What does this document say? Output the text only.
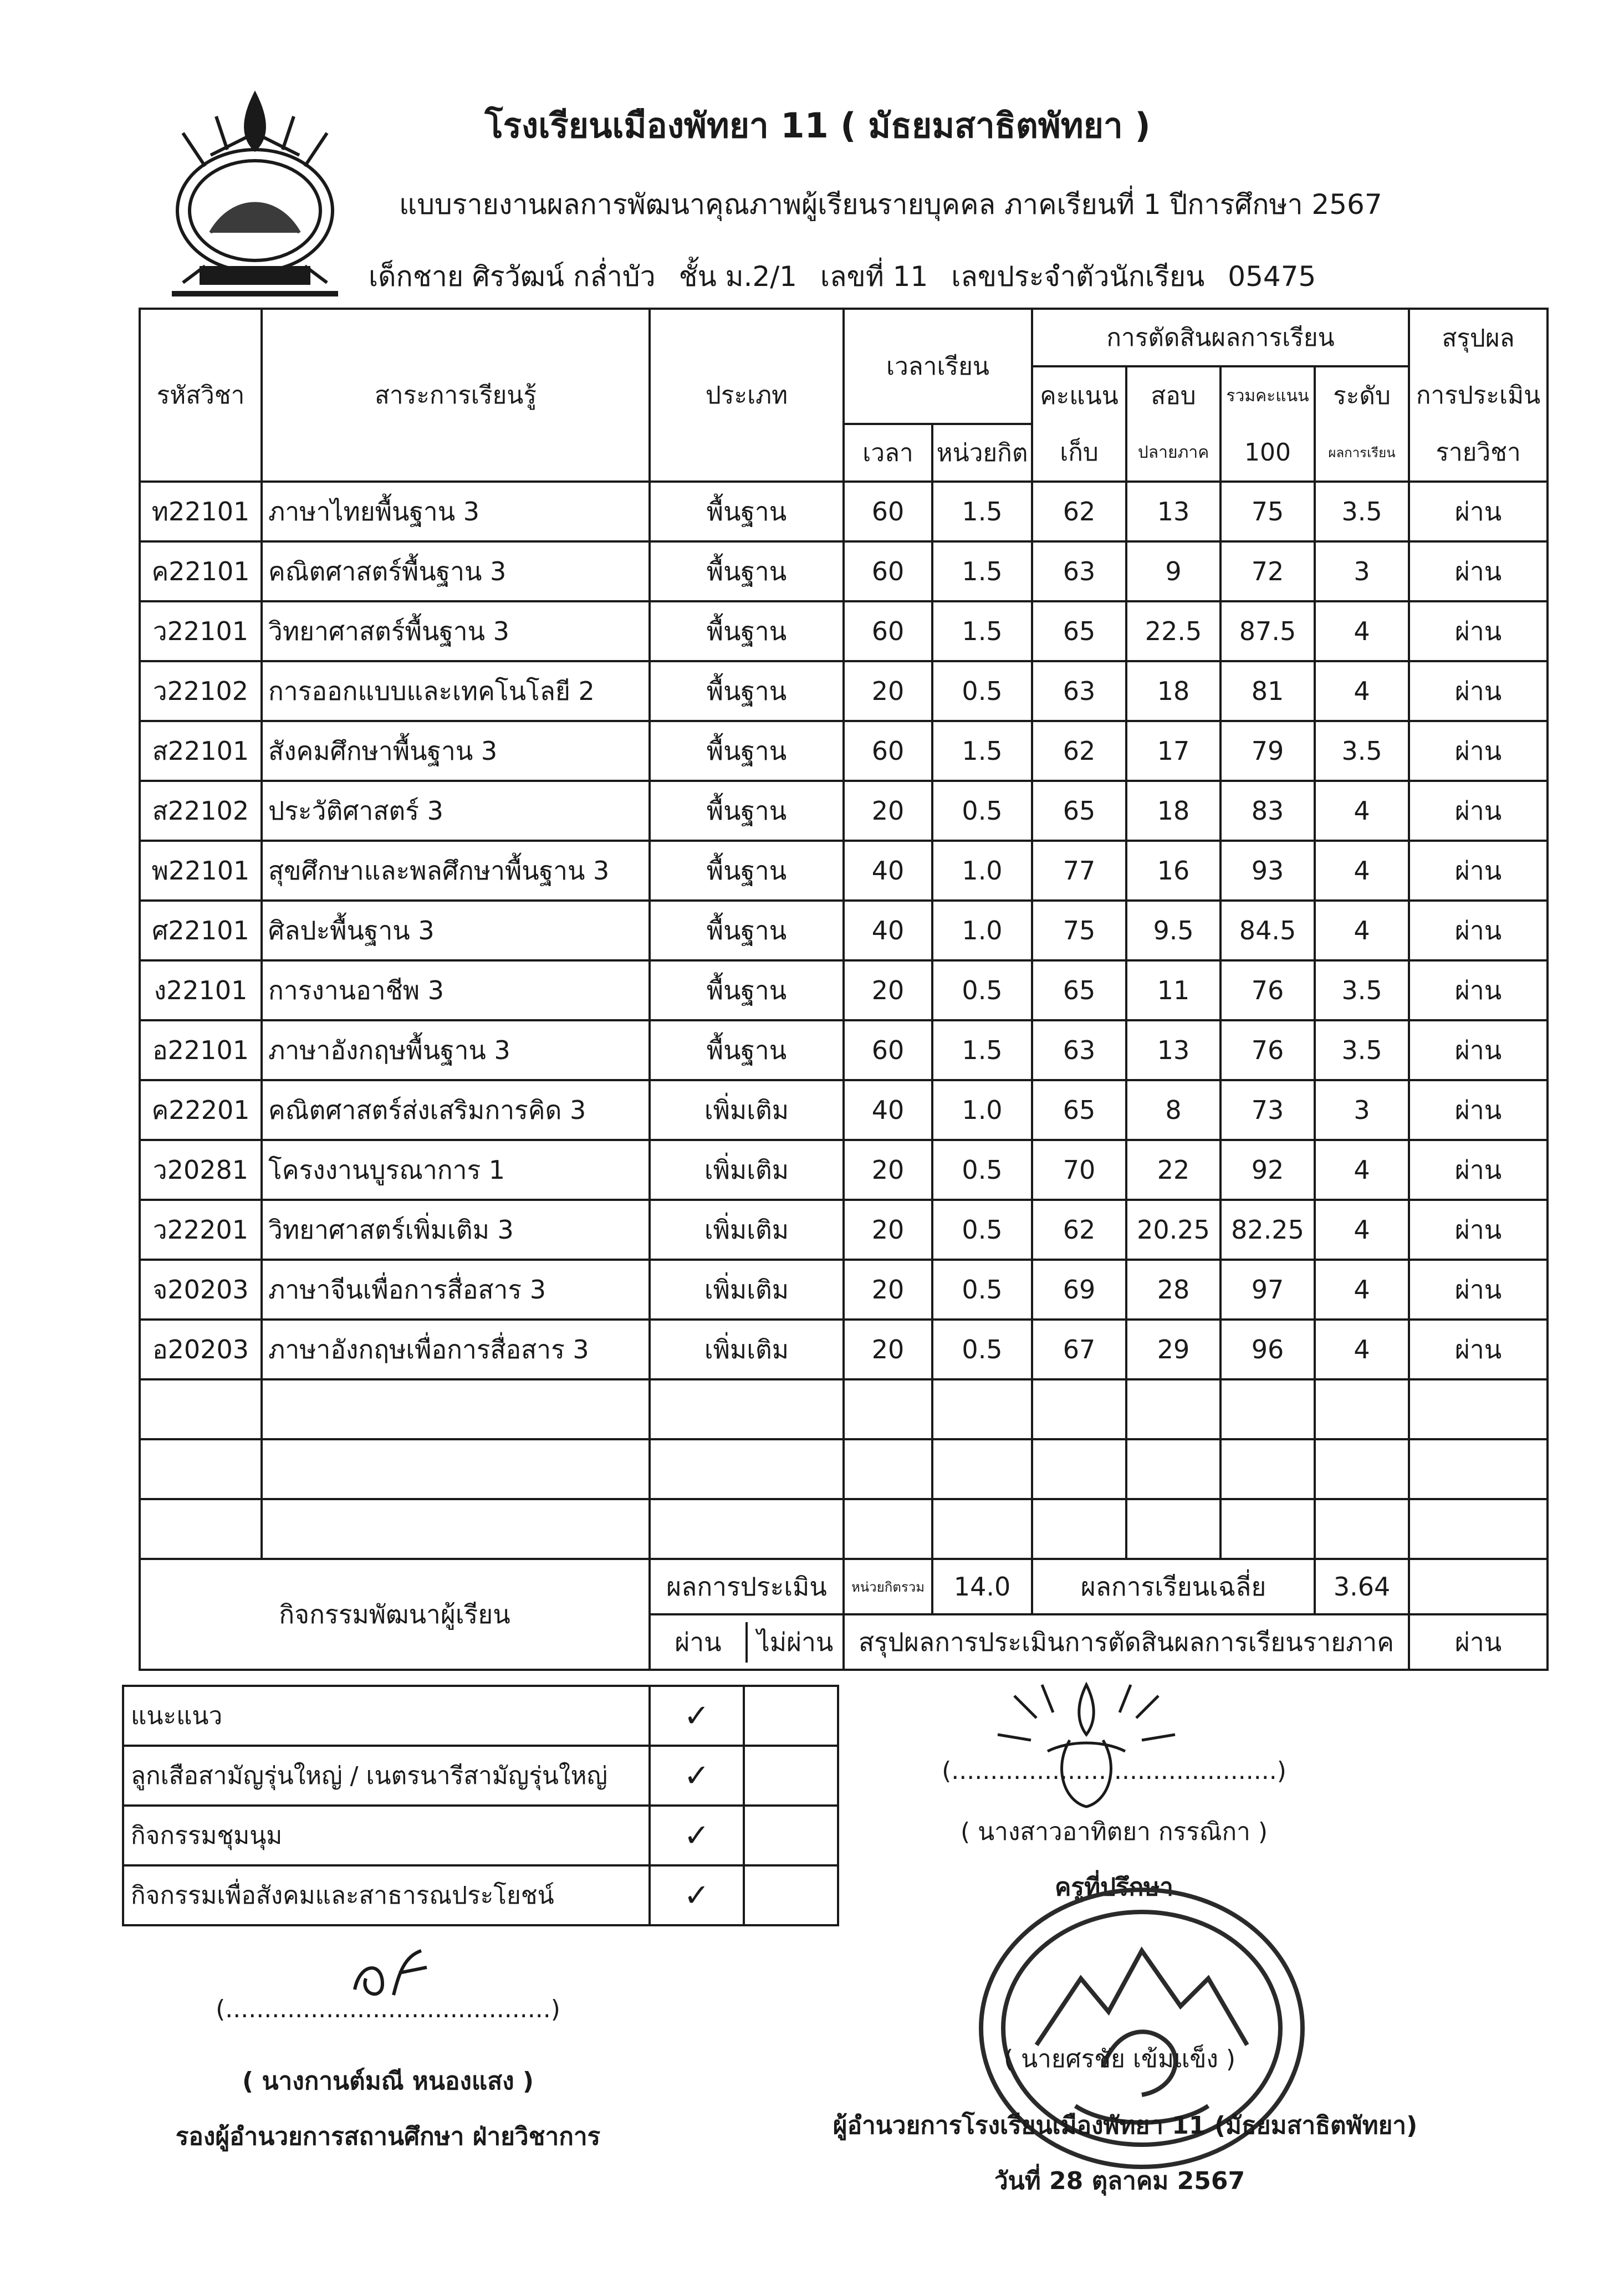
โรงเรียนเมืองพัทยา 11 ( มัธยมสาธิตพัทยา )
แบบรายงานผลการพัฒนาคุณภาพผู้เรียนรายบุคคล ภาคเรียนที่ 1 ปีการศึกษา 2567
เด็กชาย ศิรวัฒน์ กล่ำบัว ชั้น ม.2/1 เลขที่ 11 เลขประจำตัวนักเรียน 05475
รหัสวิชา	สาระการเรียนรู้	ประเภท	เวลาเรียน		การตัดสินผลการเรียน				สรุปผล
					คะแนน	สอบ	รวมคะแนน	ระดับ	การประเมิน
			เวลา	หน่วยกิต	เก็บ	ปลายภาค	100	ผลการเรียน	รายวิชา
ท22101	ภาษาไทยพื้นฐาน 3	พื้นฐาน	60	1.5	62	13	75	3.5	ผ่าน
ค22101	คณิตศาสตร์พื้นฐาน 3	พื้นฐาน	60	1.5	63	9	72	3	ผ่าน
ว22101	วิทยาศาสตร์พื้นฐาน 3	พื้นฐาน	60	1.5	65	22.5	87.5	4	ผ่าน
ว22102	การออกแบบและเทคโนโลยี 2	พื้นฐาน	20	0.5	63	18	81	4	ผ่าน
ส22101	สังคมศึกษาพื้นฐาน 3	พื้นฐาน	60	1.5	62	17	79	3.5	ผ่าน
ส22102	ประวัติศาสตร์ 3	พื้นฐาน	20	0.5	65	18	83	4	ผ่าน
พ22101	สุขศึกษาและพลศึกษาพื้นฐาน 3	พื้นฐาน	40	1.0	77	16	93	4	ผ่าน
ศ22101	ศิลปะพื้นฐาน 3	พื้นฐาน	40	1.0	75	9.5	84.5	4	ผ่าน
ง22101	การงานอาชีพ 3	พื้นฐาน	20	0.5	65	11	76	3.5	ผ่าน
อ22101	ภาษาอังกฤษพื้นฐาน 3	พื้นฐาน	60	1.5	63	13	76	3.5	ผ่าน
ค22201	คณิตศาสตร์ส่งเสริมการคิด 3	เพิ่มเติม	40	1.0	65	8	73	3	ผ่าน
ว20281	โครงงานบูรณาการ 1	เพิ่มเติม	20	0.5	70	22	92	4	ผ่าน
ว22201	วิทยาศาสตร์เพิ่มเติม 3	เพิ่มเติม	20	0.5	62	20.25	82.25	4	ผ่าน
จ20203	ภาษาจีนเพื่อการสื่อสาร 3	เพิ่มเติม	20	0.5	69	28	97	4	ผ่าน
อ20203	ภาษาอังกฤษเพื่อการสื่อสาร 3	เพิ่มเติม	20	0.5	67	29	96	4	ผ่าน

กิจกรรมพัฒนาผู้เรียน		ผลการประเมิน	หน่วยกิตรวม	14.0	ผลการเรียนเฉลี่ย			3.64	

ผ่าน ไม่ผ่าน	สรุปผลการประเมินการตัดสินผลการเรียนรายภาค						ผ่าน
แนะแนว	✓	
ลูกเสือสามัญรุ่นใหญ่ / เนตรนารีสามัญรุ่นใหญ่	✓	
กิจกรรมชุมนุม	✓	
กิจกรรมเพื่อสังคมและสาธารณประโยชน์	✓	
(..........................................)
( นางสาวอาทิตยา กรรณิกา )
ครูที่ปรึกษา
( นายศรชัย เข้มแข็ง )
ผู้อำนวยการโรงเรียนเมืองพัทยา 11 (มัธยมสาธิตพัทยา)
วันที่ 28 ตุลาคม 2567
(..........................................)
( นางกานต์มณี หนองแสง )
รองผู้อำนวยการสถานศึกษา ฝ่ายวิชาการ
